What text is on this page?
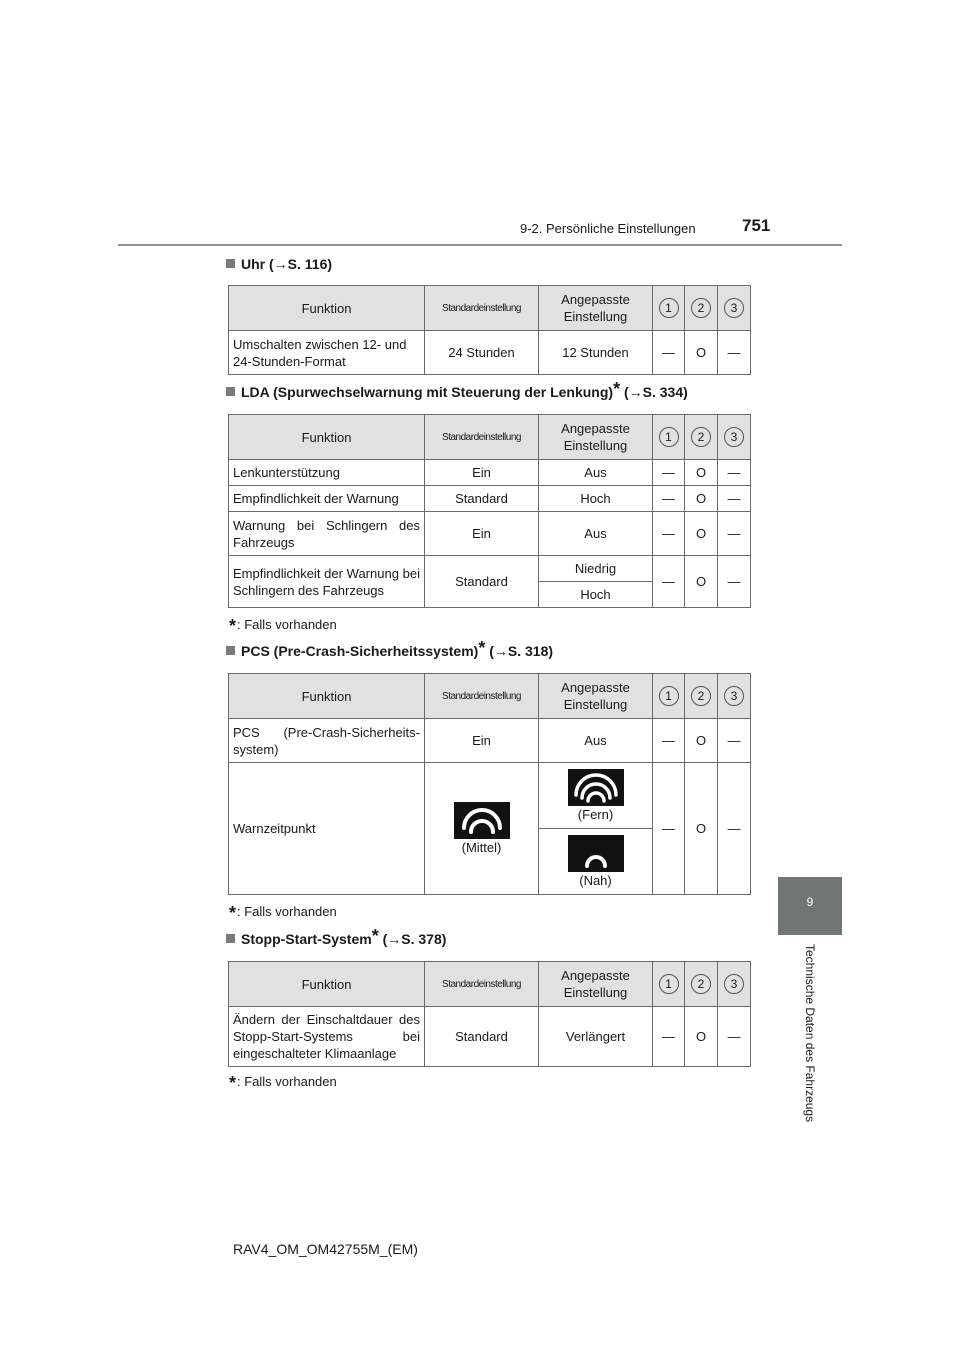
9-2. Persönliche Einstellungen	751
9
Technische Daten des Fahrzeugs
Uhr (→S. 116)
Funktion	Standardeinstellung	Angepasste Einstellung	1	2	3
Umschalten zwischen 12- und 24-Stunden-Format	24 Stunden	12 Stunden	—	O	—
LDA (Spurwechselwarnung mit Steuerung der Lenkung)* (→S. 334)
Funktion	Standardeinstellung	Angepasste Einstellung	1	2	3
Lenkunterstützung	Ein	Aus	—	O	—
Empfindlichkeit der Warnung	Standard	Hoch	—	O	—
Warnung bei Schlingern des Fahrzeugs	Ein	Aus	—	O	—
Empfindlichkeit der Warnung bei Schlingern des Fahrzeugs	Standard	Niedrig	—	O	—
		Hoch			
*: Falls vorhanden
PCS (Pre-Crash-Sicherheitssystem)* (→S. 318)
Funktion	Standardeinstellung	Angepasste Einstellung	1	2	3
PCS (Pre-Crash-Sicherheits-system)	Ein	Aus	—	O	—
Warnzeitpunkt	(Mittel)	(Fern)	—	O	—

		(Nah)			
*: Falls vorhanden
Stopp-Start-System* (→S. 378)
Funktion	Standardeinstellung	Angepasste Einstellung	1	2	3
Ändern der Einschaltdauer des Stopp-Start-Systems bei eingeschalteter Klimaanlage	Standard	Verlängert	—	O	—
*: Falls vorhanden
RAV4_OM_OM42755M_(EM)
